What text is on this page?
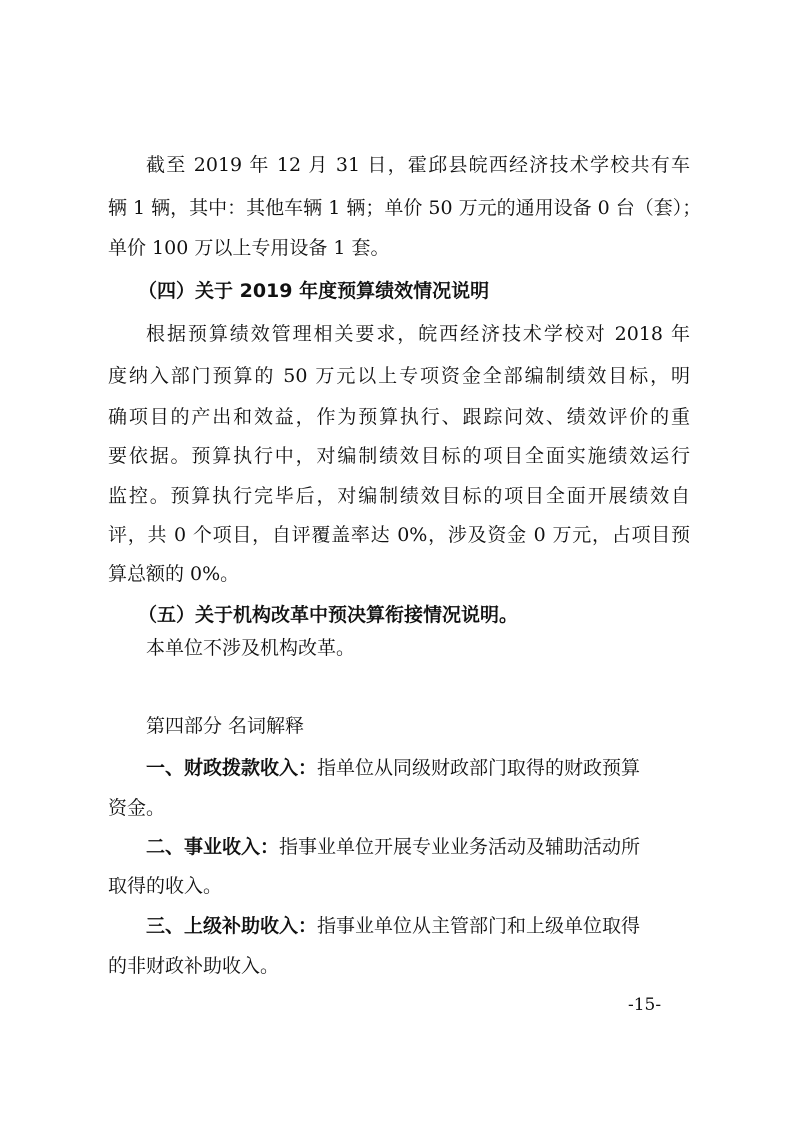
截至 2019 年 12 月 31 日，霍邱县皖西经济技术学校共有车
辆 1 辆，其中：其他车辆 1 辆；单价 50 万元的通用设备 0 台（套）；
单价 100 万以上专用设备 1 套。
（四）关于 2019 年度预算绩效情况说明
根据预算绩效管理相关要求，皖西经济技术学校对 2018 年
度纳入部门预算的 50 万元以上专项资金全部编制绩效目标，明
确项目的产出和效益，作为预算执行、跟踪问效、绩效评价的重
要依据。预算执行中，对编制绩效目标的项目全面实施绩效运行
监控。预算执行完毕后，对编制绩效目标的项目全面开展绩效自
评，共 0 个项目，自评覆盖率达 0%，涉及资金 0 万元，占项目预
算总额的 0%。
（五）关于机构改革中预决算衔接情况说明。
本单位不涉及机构改革。
第四部分 名词解释
一、财政拨款收入：指单位从同级财政部门取得的财政预算
资金。
二、事业收入：指事业单位开展专业业务活动及辅助活动所
取得的收入。
三、上级补助收入：指事业单位从主管部门和上级单位取得
的非财政补助收入。
-15-
